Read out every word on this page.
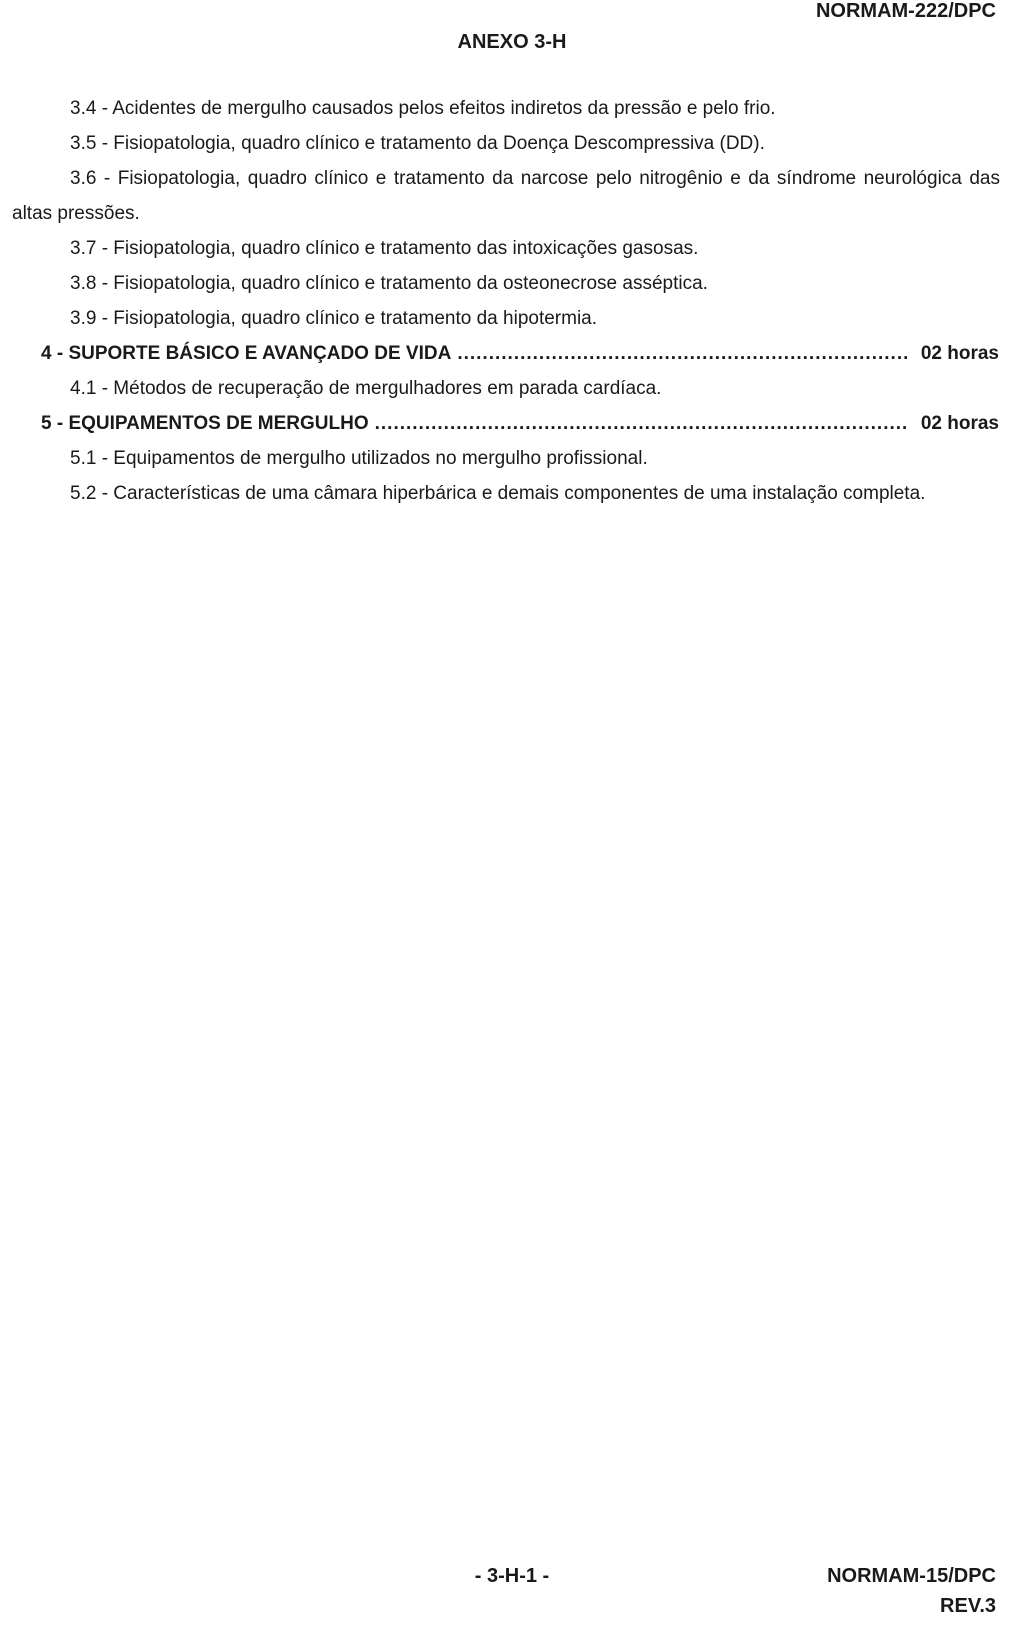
NORMAM-222/DPC
ANEXO 3-H
3.4 - Acidentes de mergulho causados pelos efeitos indiretos da pressão e pelo frio.
3.5 - Fisiopatologia, quadro clínico e tratamento da Doença Descompressiva (DD).
3.6 - Fisiopatologia, quadro clínico e tratamento da narcose pelo nitrogênio e da síndrome neurológica das altas pressões.
3.7 - Fisiopatologia, quadro clínico e tratamento das intoxicações gasosas.
3.8 - Fisiopatologia, quadro clínico e tratamento da osteonecrose asséptica.
3.9 - Fisiopatologia, quadro clínico e tratamento da hipotermia.
4 - SUPORTE BÁSICO E AVANÇADO DE VIDA .....	02 horas
4.1 - Métodos de recuperação de mergulhadores em parada cardíaca.
5 - EQUIPAMENTOS DE MERGULHO .....	02 horas
5.1 - Equipamentos de mergulho utilizados no mergulho profissional.
5.2 - Características de uma câmara hiperbárica e demais componentes de uma instalação completa.
- 3-H-1 -	NORMAM-15/DPC
REV.3
